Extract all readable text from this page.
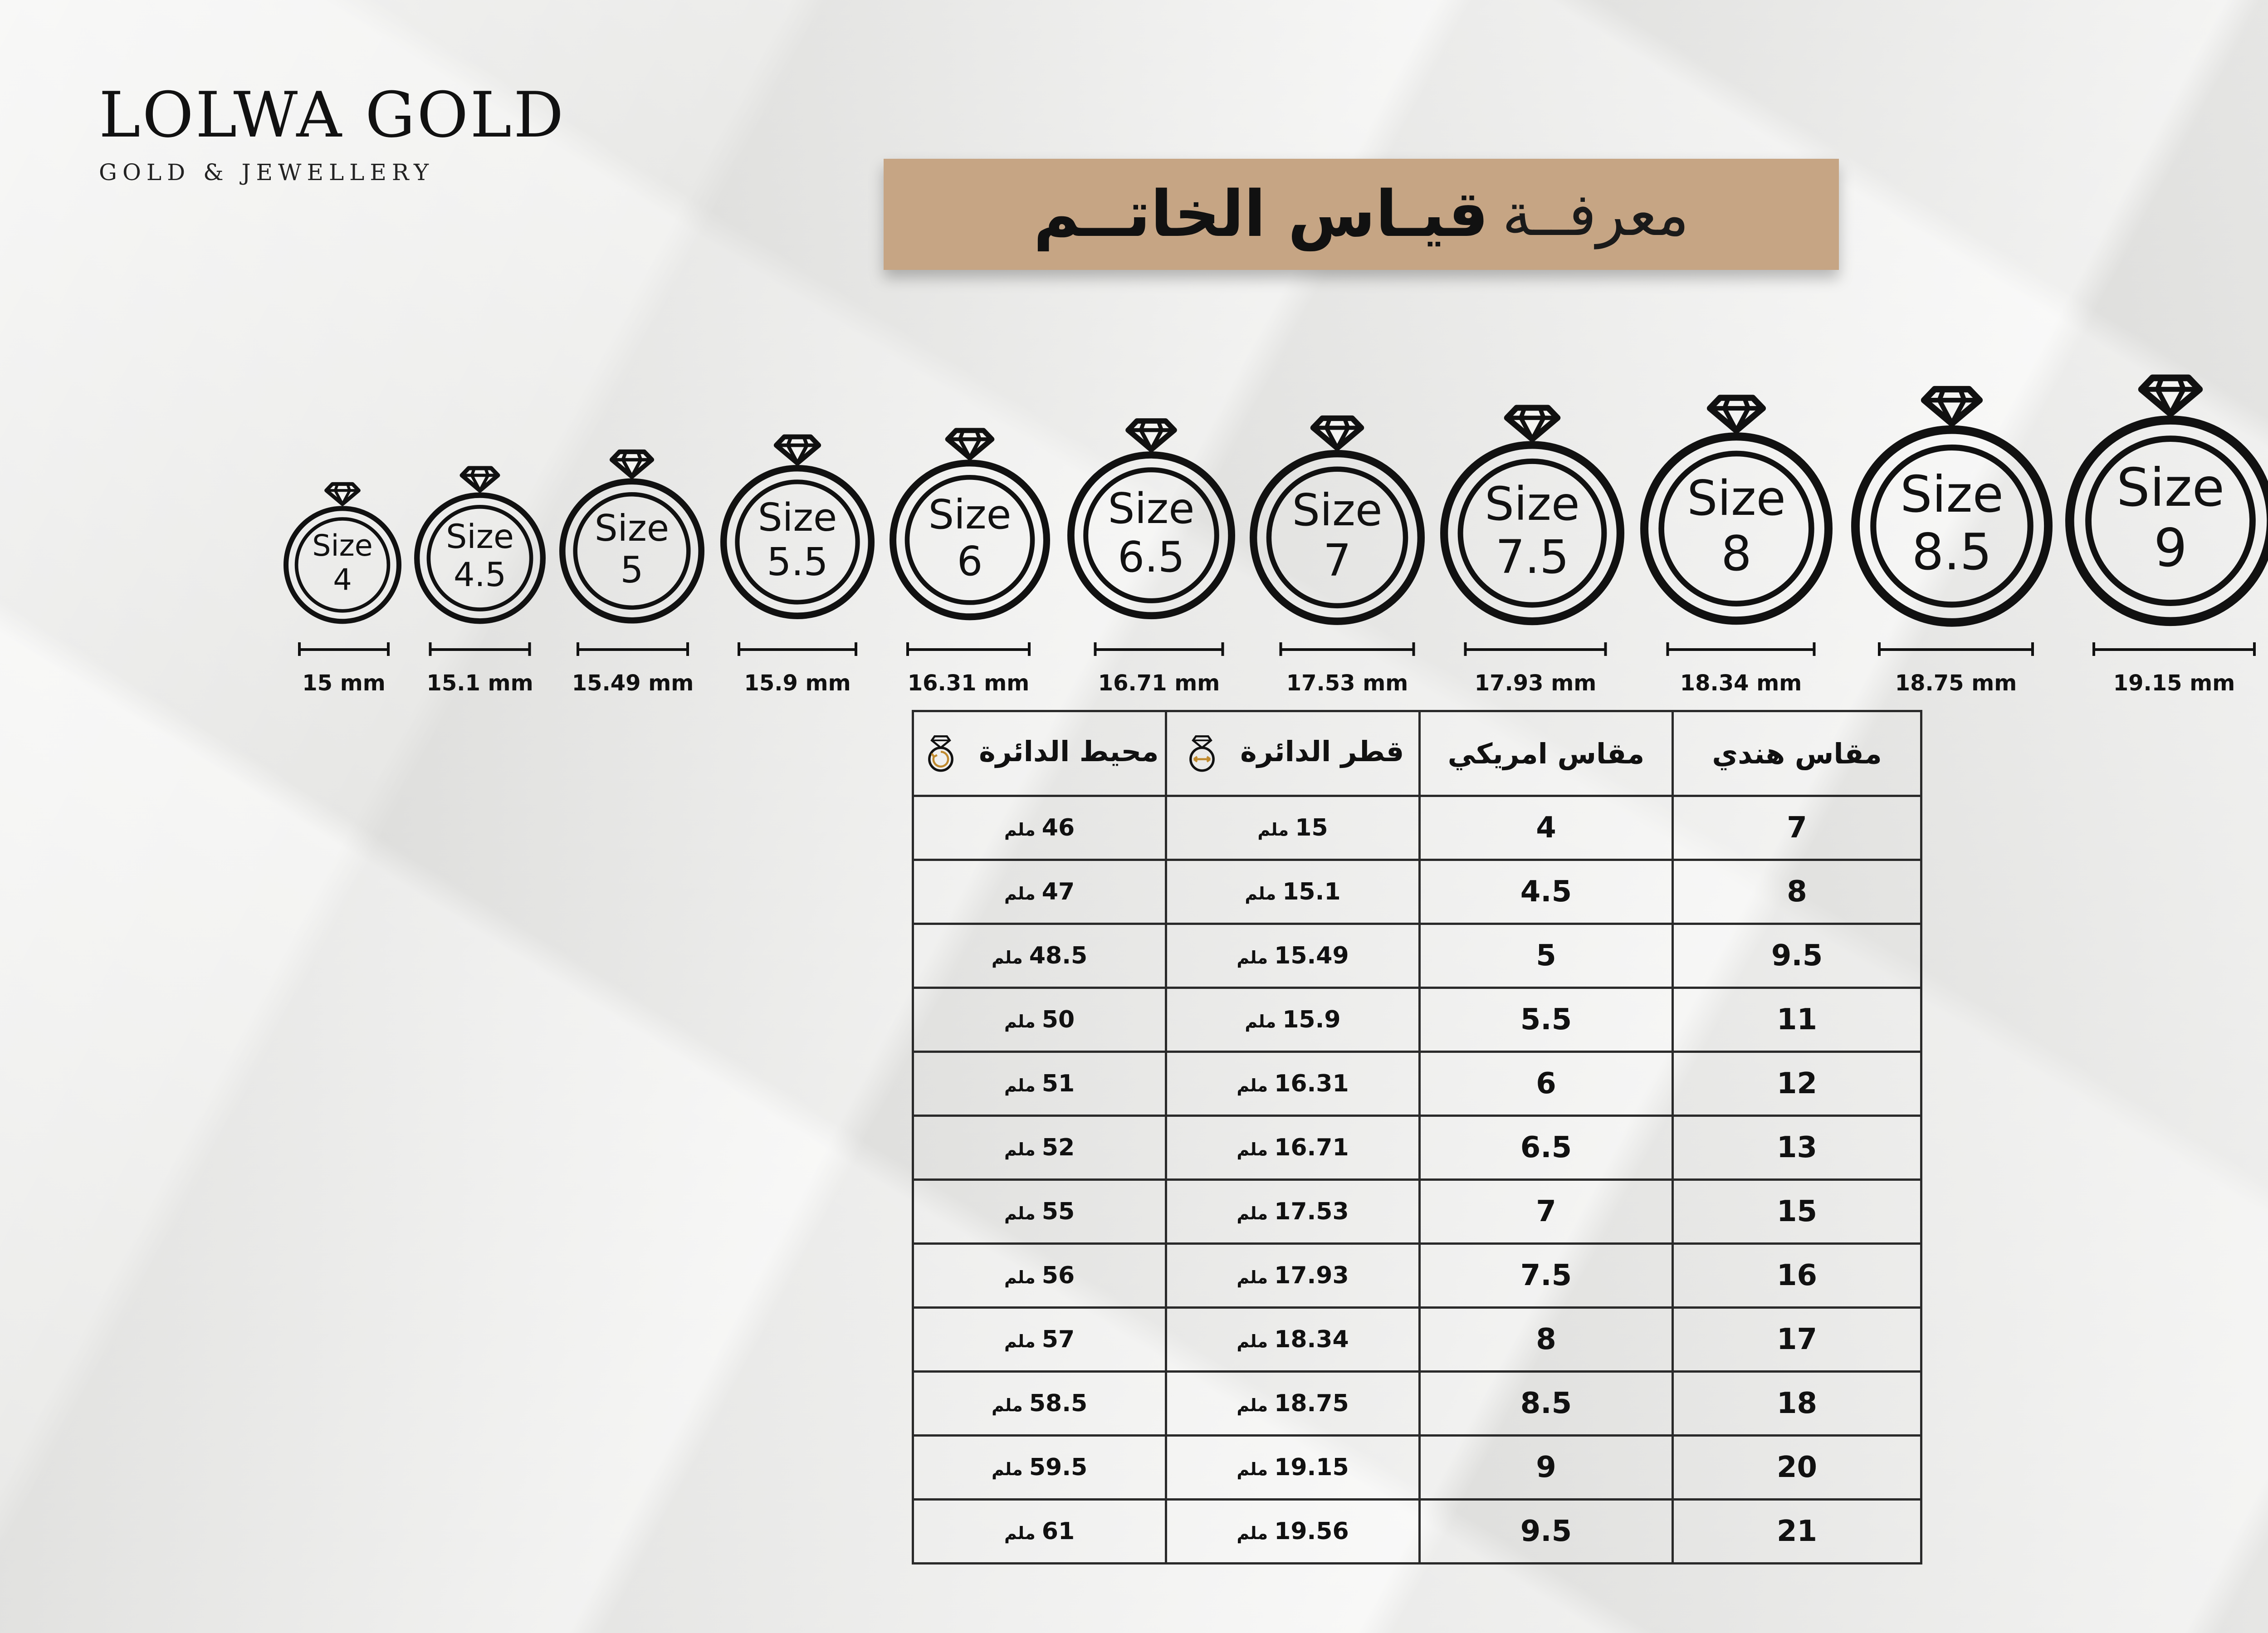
LOLWA GOLD
GOLD & JEWELLERY
معرفــة
قيـاس الخاتــم
Size
4
15 mm
Size
4.5
15.1 mm
Size
5
15.49 mm
Size
5.5
15.9 mm
Size
6
16.31 mm
Size
6.5
16.71 mm
Size
7
17.53 mm
Size
7.5
17.93 mm
Size
8
18.34 mm
Size
8.5
18.75 mm
Size
9
19.15 mm
مقاس هندي	مقاس امريكي	قطر الدائرة	محيط الدائرة
7	4	15ملم	46ملم
8	4.5	15.1ملم	47ملم
9.5	5	15.49ملم	48.5ملم
11	5.5	15.9ملم	50ملم
12	6	16.31ملم	51ملم
13	6.5	16.71ملم	52ملم
15	7	17.53ملم	55ملم
16	7.5	17.93ملم	56ملم
17	8	18.34ملم	57ملم
18	8.5	18.75ملم	58.5ملم
20	9	19.15ملم	59.5ملم
21	9.5	19.56ملم	61ملم
